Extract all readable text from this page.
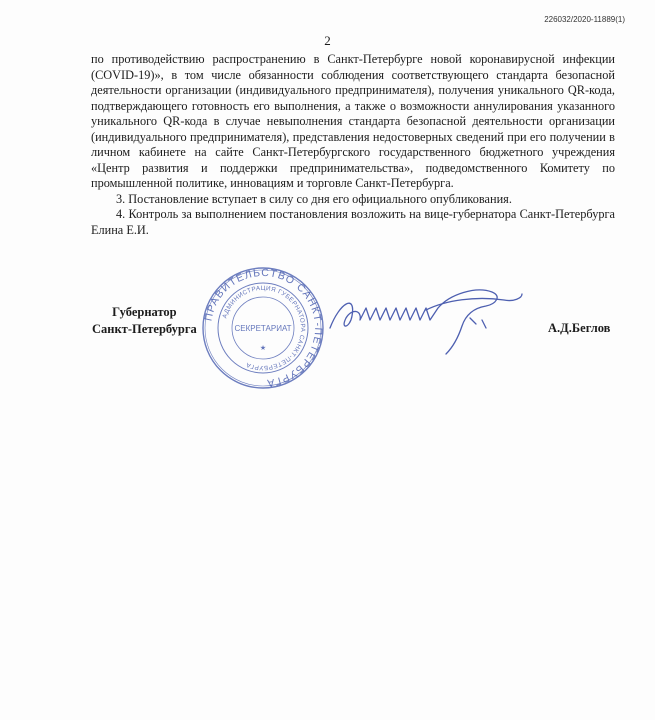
226032/2020-11889(1)
2

по противодействию распространению в Санкт-Петербурге новой коронавирусной инфекции (COVID-19)», в том числе обязанности соблюдения соответствующего стандарта безопасной деятельности организации (индивидуального предпринимателя), получения уникального QR-кода, подтверждающего готовность его выполнения, а также о возможности аннулирования указанного уникального QR-кода в случае невыполнения стандарта безопасной деятельности организации (индивидуального предпринимателя), представления недостоверных сведений при его получении в личном кабинете на сайте Санкт-Петербургского государственного бюджетного учреждения «Центр развития и поддержки предпринимательства», подведомственного Комитету по промышленной политике, инновациям и торговле Санкт-Петербурга.

3. Постановление вступает в силу со дня его официального опубликования.

4. Контроль за выполнением постановления возложить на вице-губернатора Санкт-Петербурга Елина Е.И.

Губернатор
Санкт-Петербурга
ПРАВИТЕЛЬСТВО САНКТ-ПЕТЕРБУРГА
АДМИНИСТРАЦИЯ ГУБЕРНАТОРА САНКТ-ПЕТЕРБУРГА
СЕКРЕТАРИАТ
★
А.Д.Беглов
